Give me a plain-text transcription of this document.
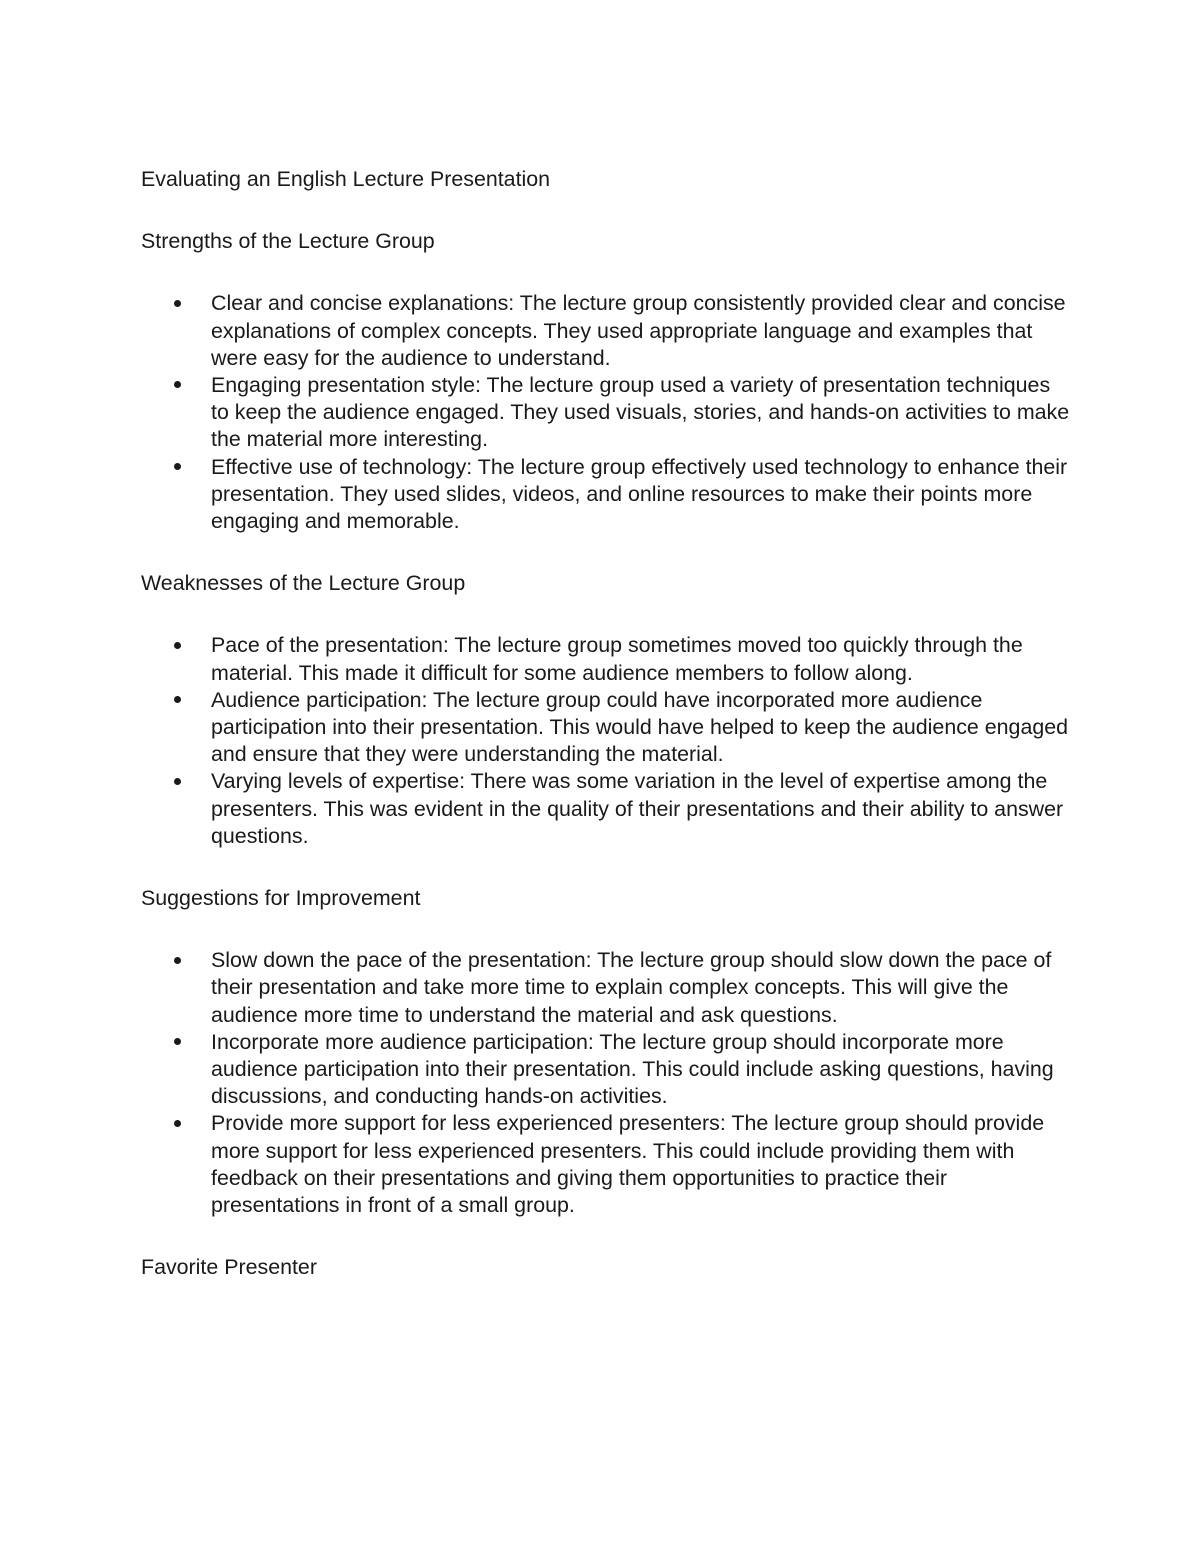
Evaluating an English Lecture Presentation

Strengths of the Lecture Group

Clear and concise explanations: The lecture group consistently provided clear and concise explanations of complex concepts. They used appropriate language and examples that were easy for the audience to understand.
Engaging presentation style: The lecture group used a variety of presentation techniques to keep the audience engaged. They used visuals, stories, and hands-on activities to make the material more interesting.
Effective use of technology: The lecture group effectively used technology to enhance their presentation. They used slides, videos, and online resources to make their points more engaging and memorable.

Weaknesses of the Lecture Group

Pace of the presentation: The lecture group sometimes moved too quickly through the material. This made it difficult for some audience members to follow along.
Audience participation: The lecture group could have incorporated more audience participation into their presentation. This would have helped to keep the audience engaged and ensure that they were understanding the material.
Varying levels of expertise: There was some variation in the level of expertise among the presenters. This was evident in the quality of their presentations and their ability to answer questions.

Suggestions for Improvement

Slow down the pace of the presentation: The lecture group should slow down the pace of their presentation and take more time to explain complex concepts. This will give the audience more time to understand the material and ask questions.
Incorporate more audience participation: The lecture group should incorporate more audience participation into their presentation. This could include asking questions, having discussions, and conducting hands-on activities.
Provide more support for less experienced presenters: The lecture group should provide more support for less experienced presenters. This could include providing them with feedback on their presentations and giving them opportunities to practice their presentations in front of a small group.

Favorite Presenter
